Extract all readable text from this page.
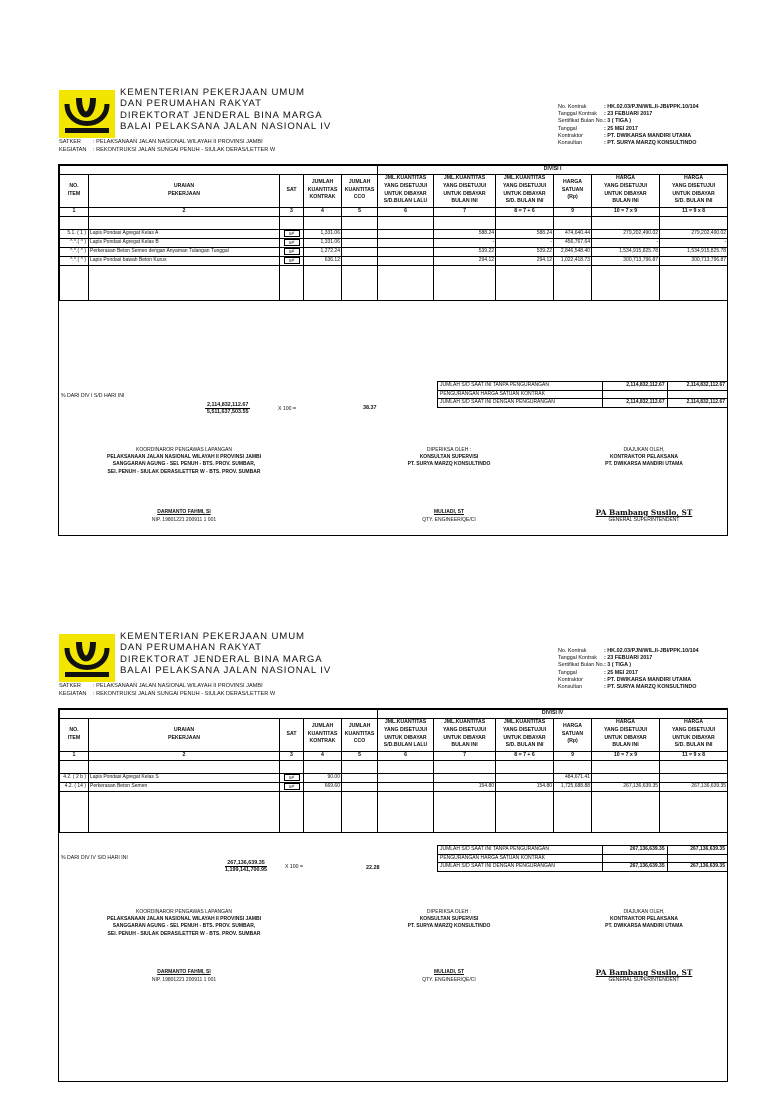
KEMENTERIAN PEKERJAAN UMUM
DAN PERUMAHAN RAKYAT
DIREKTORAT JENDERAL BINA MARGA
BALAI PELAKSANA JALAN NASIONAL IV
No. Kontrak	: HK.02.03/PJN/WIL.II-JBI/PPK.10/104
Tanggal Kontrak	: 23 FEBUARI 2017
Sertifikat Bulan No. : 3 ( TIGA )
Tanggal	: 25 MEI 2017
Kontraktor	: PT. DWIKARSA MANDIRI UTAMA
Konsultan	: PT. SURYA MARZQ KONSULTINDO
SATKER	: PELAKSANAAN JALAN NASIONAL WILAYAH II PROVINSI JAMBI
KEGIATAN	: REKONTRUKSI JALAN SUNGAI PENUH - SIULAK DERAS/LETTER W
					DIVISI I					
NO.
ITEM	URAIAN
PEKERJAAN	SAT	JUMLAH
KUANTITAS
KONTRAK	JUMLAH
KUANTITAS
CCO	JML.KUANTITAS
YANG DISETUJUI
UNTUK DIBAYAR
S/D.BULAN LALU	JML.KUANTITAS
YANG DISETUJUI
UNTUK DIBAYAR
BULAN INI	JML.KUANTITAS
YANG DISETUJUI
UNTUK DIBAYAR
S/D. BULAN INI	HARGA
SATUAN
(Rp)	HARGA
YANG DISETUJUI
UNTUK DIBAYAR
BULAN INI	HARGA
YANG DISETUJUI
UNTUK DIBAYAR
S/D. BULAN INI
1	2	3	4	5	6	7	8 = 7 + 6	9	10 = 7 x 9	11 = 9 x 8

5.1. ( 1 )	Lapis Pondasi Agregat Kelas A	M³	1,331.06			588.24	588.24	474,640.44	279,202,490.02	279,202,490.02
^.^.( ^ )	Lapis Pondasi Agregat Kelas B	M³	1,331.06			-	-	456,767.64	-	-
^.^.( ^ )	Perkerasan Beton Semen dengan Anyaman Tulangan Tunggal	M³	1,272.24			539.22	539.22	2,846,548.40	1,534,915,825.78	1,534,915,825.78
^.^.( ^ )	Lapis Pondasi bawah Beton Kurus	M³	636.12			294.12	294.12	1,022,418.73	300,713,796.87	300,713,796.87

JUMLAH S/D SAAT INI TANPA PENGURANGAN	2,114,832,112.67	2,114,832,112.67
PENGURANGAN HARGA SATUAN KONTRAK
JUMLAH S/D SAAT INI DENGAN PENGURANGAN	2,114,832,112.67	2,114,832,112.67
% DARI DIV I S/D HARI INI
$\frac{2,114,832,112.67}{5,511,637,503.55}$	X 100 =	38.37
KOORDINAROR PENGAWAS LAPANGAN
PELAKSANAAN JALAN NASIONAL WILAYAH II PROVINSI JAMBI
SANGGARAN AGUNG - SEI. PENUH - BTS. PROV. SUMBAR,
SEI. PENUH - SIULAK DERAS/LETTER W - BTS. PROV. SUMBAR
DARMANTO FAHMI, SI
NIP. 19801221 200911 1 001
DIPERIKSA OLEH :
KONSULTAN SUPERVISI
PT. SURYA MARZQ KONSULTINDO
MULIADI, ST
QTY. ENGINEER/QE/CI
DIAJUKAN OLEH,
KONTRAKTOR PELAKSANA
PT. DWIKARSA MANDIRI UTAMA
PA Bambang Susilo, ST
GENERAL SUPERINTENDENT
KEMENTERIAN PEKERJAAN UMUM
DAN PERUMAHAN RAKYAT
DIREKTORAT JENDERAL BINA MARGA
BALAI PELAKSANA JALAN NASIONAL IV
No. Kontrak	: HK.02.03/PJN/WIL.II-JBI/PPK.10/104
Tanggal Kontrak	: 23 FEBUARI 2017
Sertifikat Bulan No. : 3 ( TIGA )
Tanggal	: 25 MEI 2017
Kontraktor	: PT. DWIKARSA MANDIRI UTAMA
Konsultan	: PT. SURYA MARZQ KONSULTINDO
SATKER	: PELAKSANAAN JALAN NASIONAL WILAYAH II PROVINSI JAMBI
KEGIATAN	: REKONTRUKSI JALAN SUNGAI PENUH - SIULAK DERAS/LETTER W
					DIVISI IV					
NO.
ITEM	URAIAN
PEKERJAAN	SAT	JUMLAH
KUANTITAS
KONTRAK	JUMLAH
KUANTITAS
CCO	JML.KUANTITAS
YANG DISETUJUI
UNTUK DIBAYAR
S/D.BULAN LALU	JML.KUANTITAS
YANG DISETUJUI
UNTUK DIBAYAR
BULAN INI	JML.KUANTITAS
YANG DISETUJUI
UNTUK DIBAYAR
S/D. BULAN INI	HARGA
SATUAN
(Rp)	HARGA
YANG DISETUJUI
UNTUK DIBAYAR
BULAN INI	HARGA
YANG DISETUJUI
UNTUK DIBAYAR
S/D. BULAN INI
1	2	3	4	5	6	7	8 = 7 + 6	9	10 = 7 x 9	11 = 9 x 8

4.2. ( 2 b )	Lapis Pondasi Agregat Kelas S	M³	90.00					484,671.41		
4.2. ( 14 )	Perkerasan Beton Semen	M³	669.60			154.80	154.80	1,725,688.88	267,136,639.35	267,136,639.35

JUMLAH S/D SAAT INI TANPA PENGURANGAN	267,136,639.35	267,136,639.35
PENGURANGAN HARGA SATUAN KONTRAK
JUMLAH S/D SAAT INI DENGAN PENGURANGAN	267,136,639.35	267,136,639.35
% DARI DIV IV S/D HARI INI
$\frac{267,136,639.35}{1,199,141,700.95}$	X 100 =	22.28
KOORDINAROR PENGAWAS LAPANGAN
PELAKSANAAN JALAN NASIONAL WILAYAH II PROVINSI JAMBI
SANGGARAN AGUNG - SEI. PENUH - BTS. PROV. SUMBAR,
SEI. PENUH - SIULAK DERAS/LETTER W - BTS. PROV. SUMBAR
DARMANTO FAHMI, SI
NIP. 19801221 200911 1 001
DIPERIKSA OLEH :
KONSULTAN SUPERVISI
PT. SURYA MARZQ KONSULTINDO
MULIADI, ST
QTY. ENGINEER/QE/CI
DIAJUKAN OLEH,
KONTRAKTOR PELAKSANA
PT. DWIKARSA MANDIRI UTAMA
PA Bambang Susilo, ST
GENERAL SUPERINTENDENT
